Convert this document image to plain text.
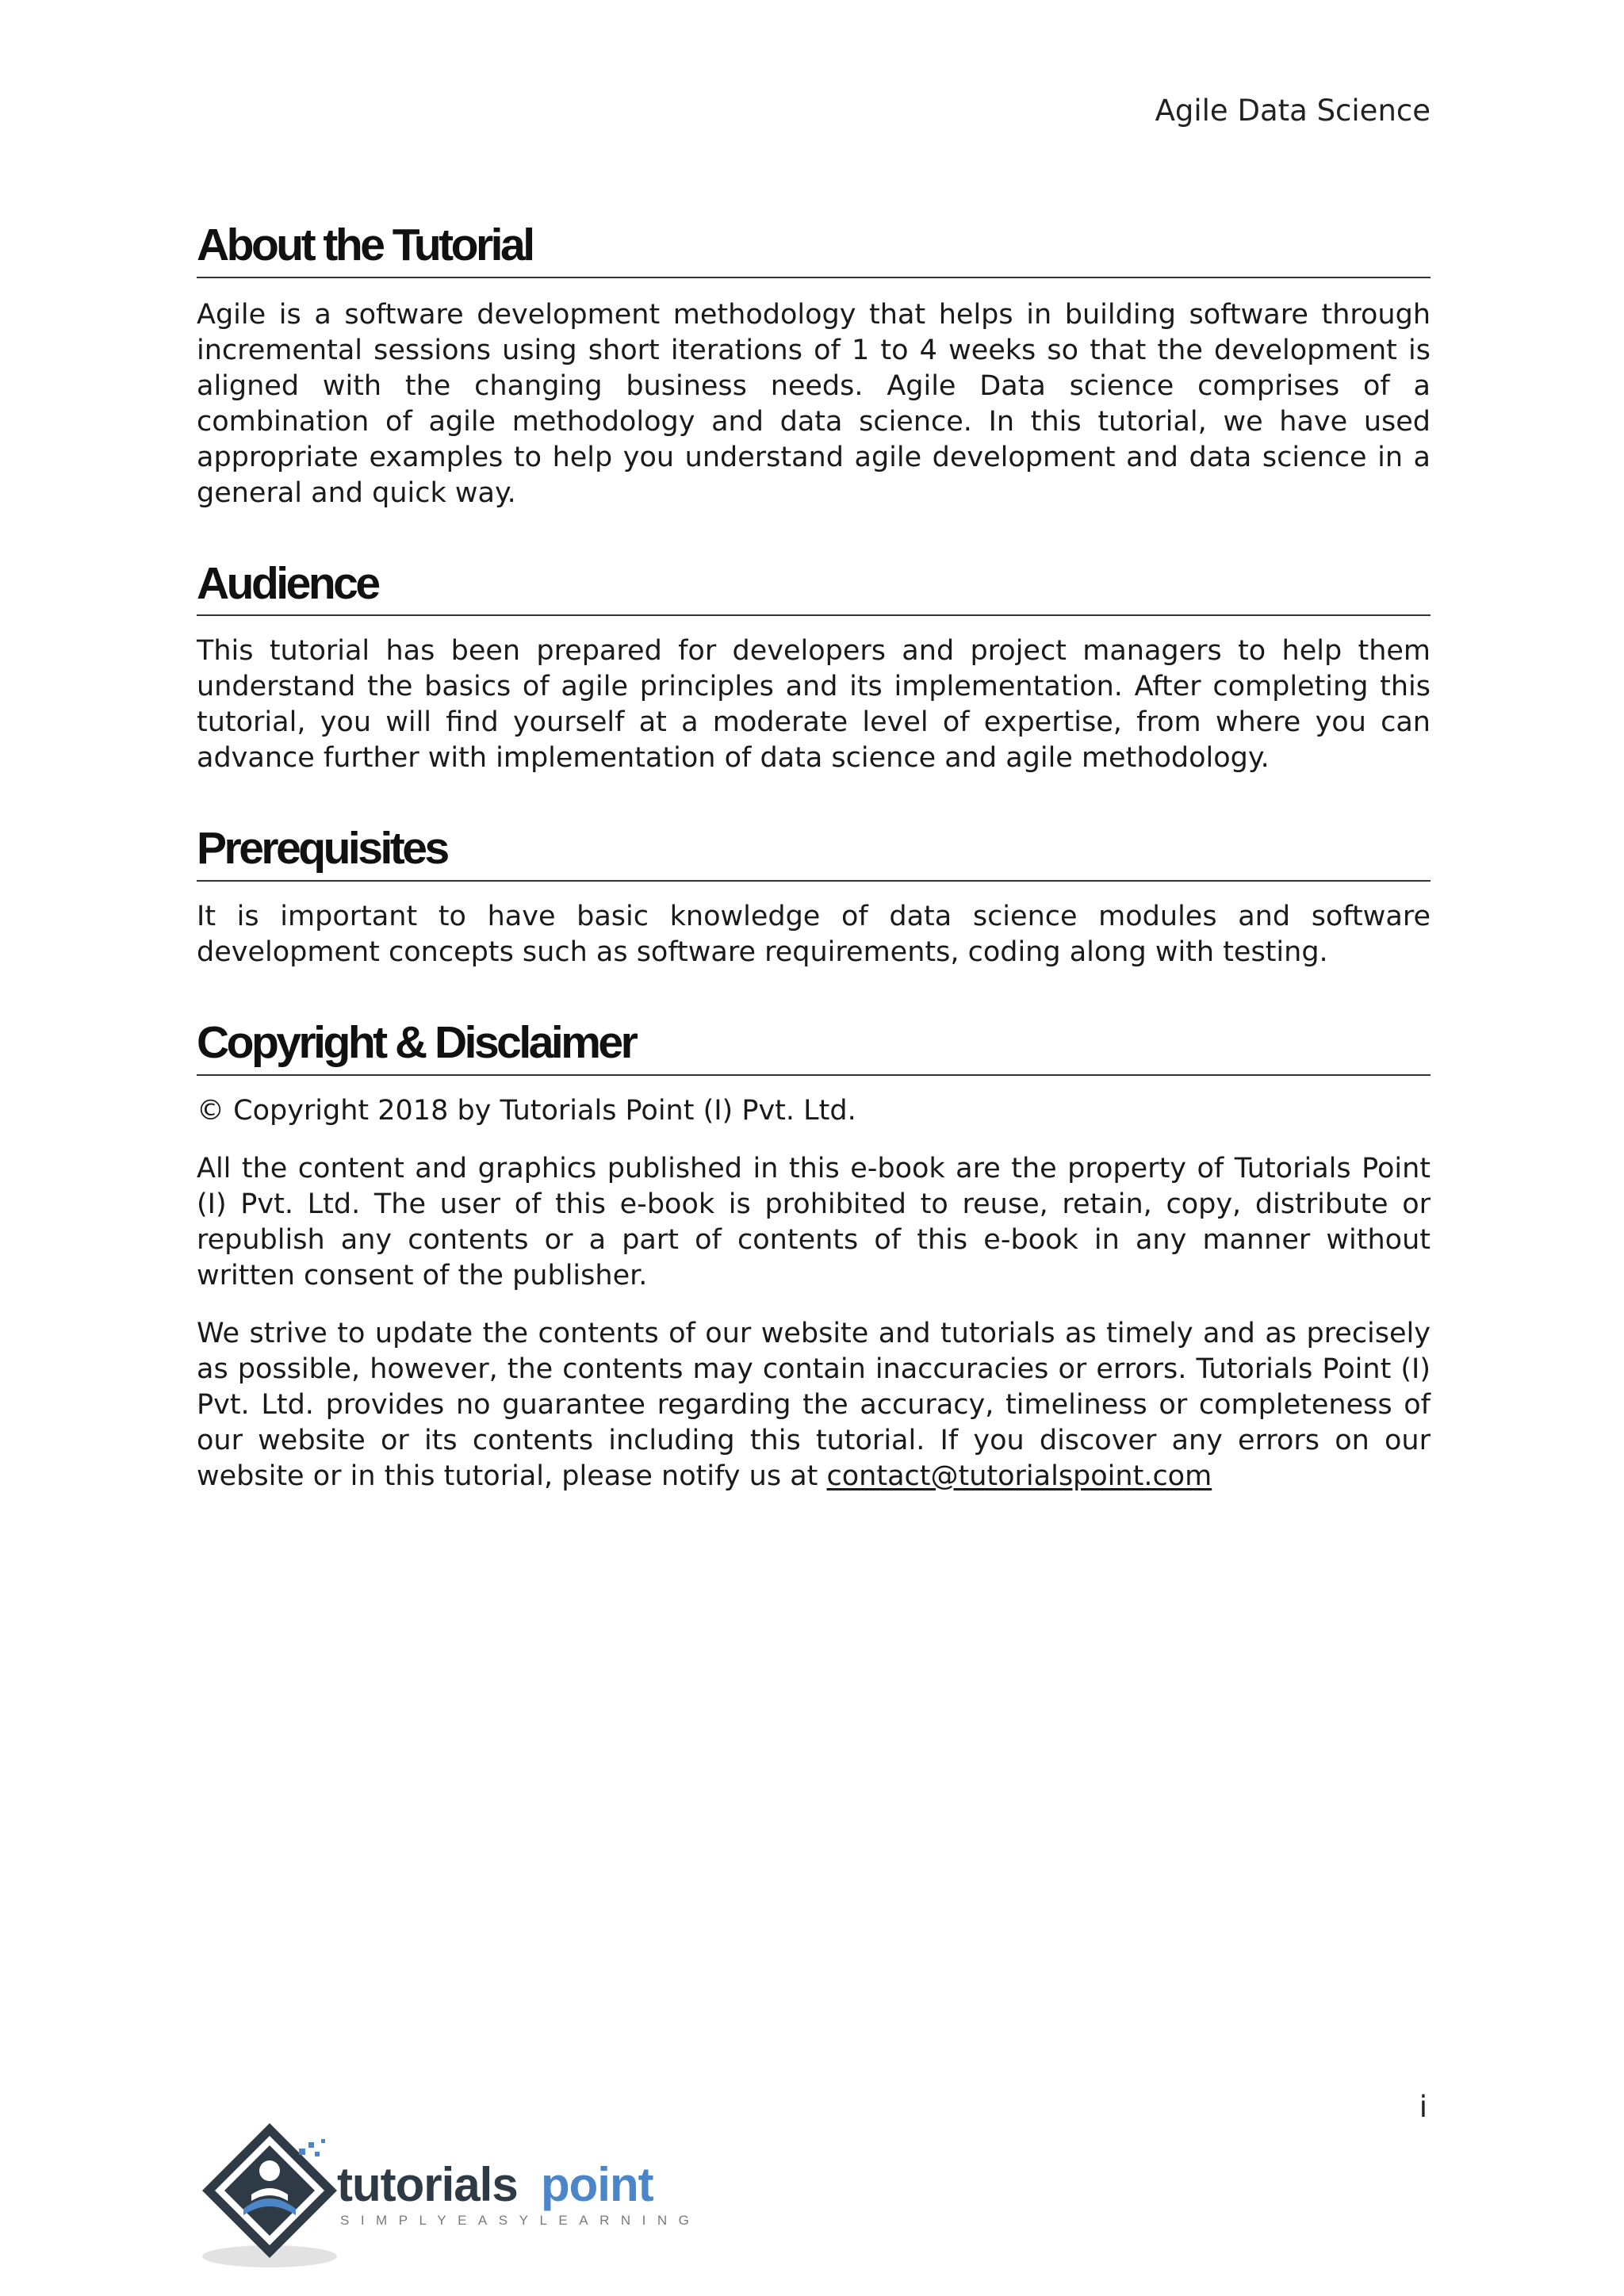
Agile Data Science
About the Tutorial

Agile is a software development methodology that helps in building software through incremental sessions using short iterations of 1 to 4 weeks so that the development is aligned with the changing business needs. Agile Data science comprises of a combination of agile methodology and data science. In this tutorial, we have used appropriate examples to help you understand agile development and data science in a general and quick way.

Audience

This tutorial has been prepared for developers and project managers to help them understand the basics of agile principles and its implementation. After completing this tutorial, you will find yourself at a moderate level of expertise, from where you can advance further with implementation of data science and agile methodology.

Prerequisites

It is important to have basic knowledge of data science modules and software development concepts such as software requirements, coding along with testing.

Copyright & Disclaimer

© Copyright 2018 by Tutorials Point (I) Pvt. Ltd.

All the content and graphics published in this e-book are the property of Tutorials Point (I) Pvt. Ltd. The user of this e-book is prohibited to reuse, retain, copy, distribute or republish any contents or a part of contents of this e-book in any manner without written consent of the publisher.

We strive to update the contents of our website and tutorials as timely and as precisely as possible, however, the contents may contain inaccuracies or errors. Tutorials Point (I) Pvt. Ltd. provides no guarantee regarding the accuracy, timeliness or completeness of our website or its contents including this tutorial. If you discover any errors on our website or in this tutorial, please notify us at contact@tutorialspoint.com

i
tutorials point
SIMPLYEASYLEARNING
